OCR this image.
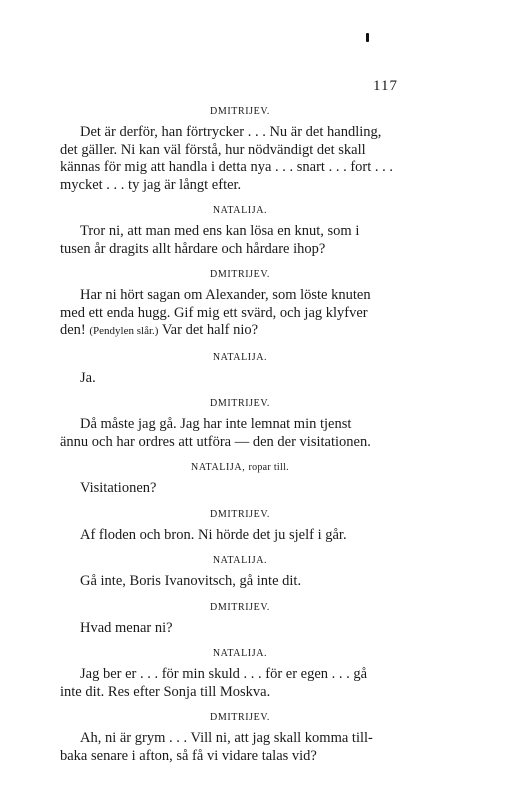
117

DMITRIJEV.

Det är derför, han förtrycker . . . Nu är det handling,

det gäller. Ni kan väl förstå, hur nödvändigt det skall

kännas för mig att handla i detta nya . . . snart . . . fort . . .

mycket . . . ty jag är långt efter.

NATALIJA.

Tror ni, att man med ens kan lösa en knut, som i

tusen år dragits allt hårdare och hårdare ihop?

DMITRIJEV.

Har ni hört sagan om Alexander, som löste knuten

med ett enda hugg. Gif mig ett svärd, och jag klyfver

den! (Pendylen slår.) Var det half nio?

NATALIJA.

Ja.

DMITRIJEV.

Då måste jag gå. Jag har inte lemnat min tjenst

ännu och har ordres att utföra — den der visitationen.

NATALIJA, ropar till.

Visitationen?

DMITRIJEV.

Af floden och bron. Ni hörde det ju sjelf i går.

NATALIJA.

Gå inte, Boris Ivanovitsch, gå inte dit.

DMITRIJEV.

Hvad menar ni?

NATALIJA.

Jag ber er . . . för min skuld . . . för er egen . . . gå

inte dit. Res efter Sonja till Moskva.

DMITRIJEV.

Ah, ni är grym . . . Vill ni, att jag skall komma till-

baka senare i afton, så få vi vidare talas vid?
